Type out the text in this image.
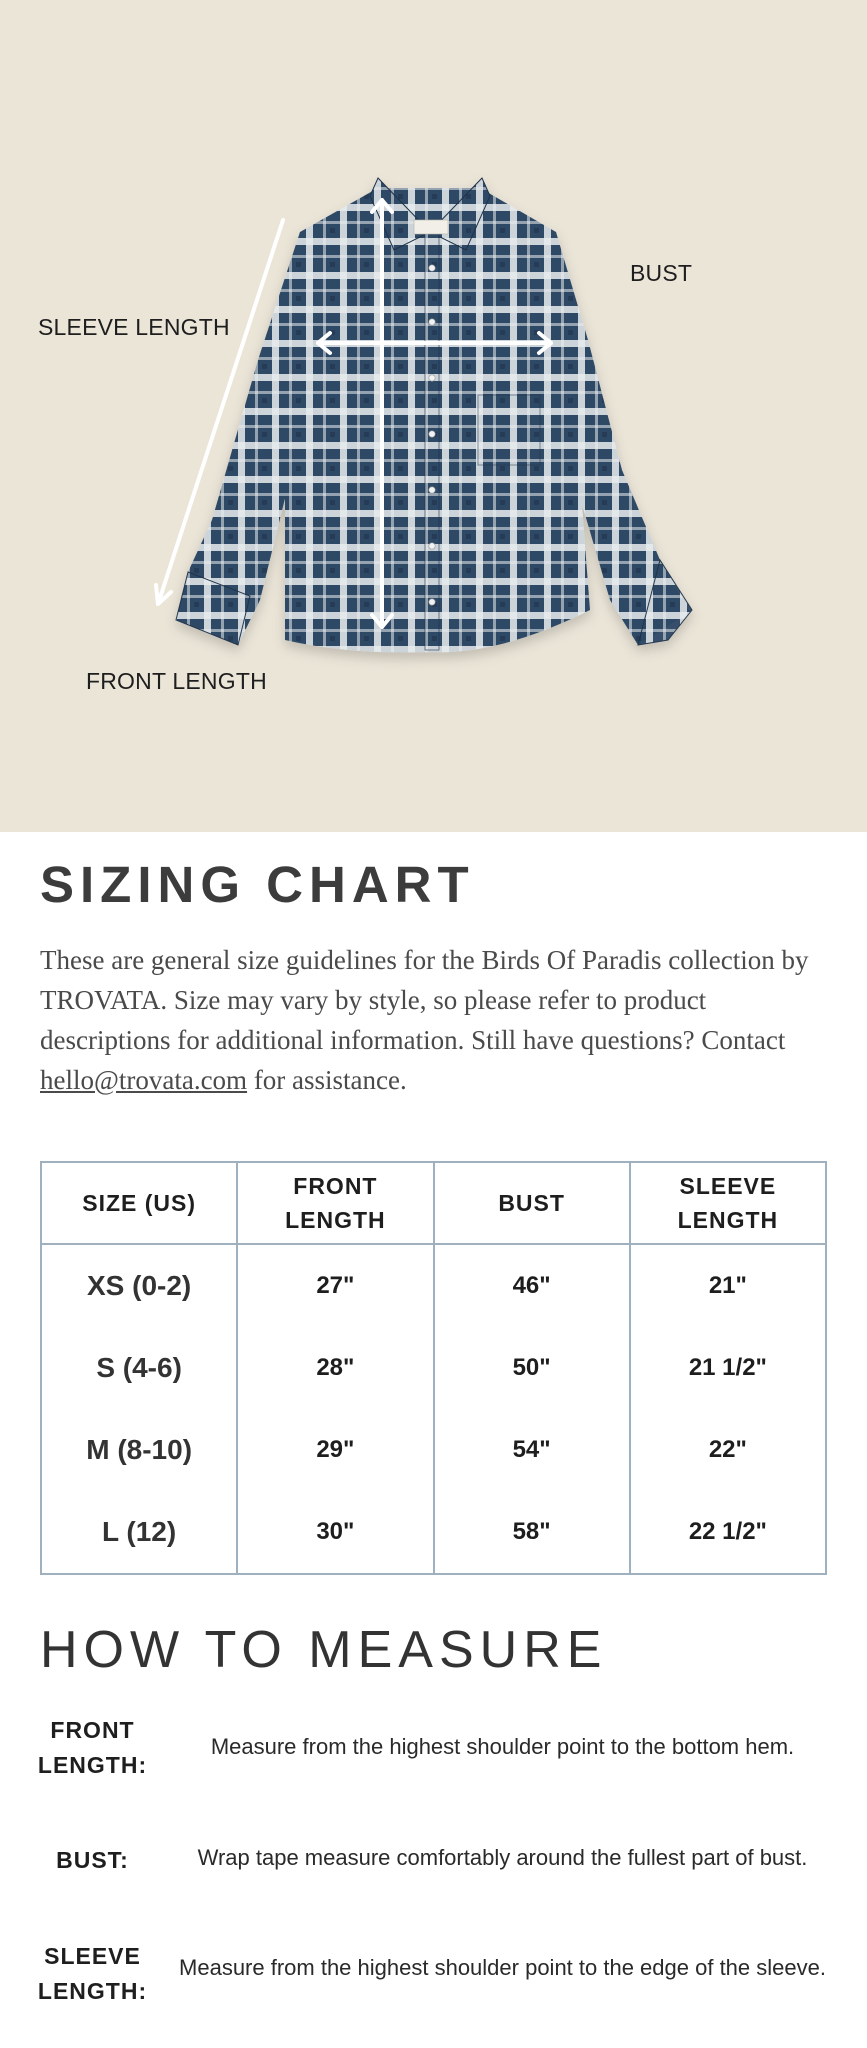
SLEEVE LENGTH
BUST
FRONT LENGTH
SIZING CHART

These are general size guidelines for the Birds Of Paradis collection by TROVATA. Size may vary by style, so please refer to product descriptions for additional information. Still have questions? Contact hello@trovata.com for assistance.

SIZE (US)	FRONT LENGTH	BUST	SLEEVE LENGTH

XS (0-2)	27"	46"	21"
S (4-6)	28"	50"	21 1/2"
M (8-10)	29"	54"	22"
L (12)	30"	58"	22 1/2"
HOW TO MEASURE
FRONT LENGTH:
Measure from the highest shoulder point to the bottom hem.
BUST:	Wrap tape measure comfortably around the fullest part of bust.
SLEEVE LENGTH:
Measure from the highest shoulder point to the edge of the sleeve.
